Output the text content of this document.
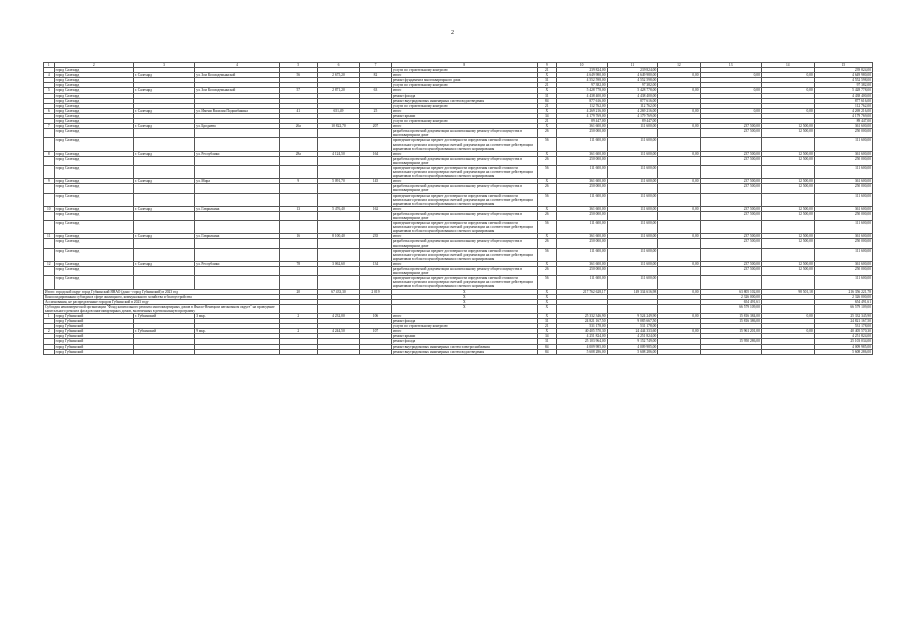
2
1	2	3	4	5	6	7	8	9	10	11	12	13	14	15
	город Салехард						услуги по строительному контролю	21	239 824,00	239 824,00				239 824,00
4	город Салехард	г. Салехард	ул. Зои Космодемьянской	56	2 675,20	82	итого	Х	4 649 980,00	4 649 980,00	0,00	0,00	0,00	4 649 980,00
	город Салехард						ремонт фундамента многоквартирного дома	31	4 552 598,00	4 552 598,00				4 552 598,00
	город Салехард						услуги по строительному контролю	21	97 382,00	97 382,00				97 382,00
5	город Салехард	г. Салехард	ул. Зои Космодемьянской	57	2 871,20	63	итого	Х	5 428 778,00	5 428 778,00	0,00	0,00	0,00	5 428 778,00
	город Салехард						ремонт фасада	31	4 438 400,00	4 438 400,00				4 438 400,00
	город Салехард						ремонт внутридомовых инженерных систем водоотведения	84	877 616,00	877 616,00				877 616,00
	город Салехард						услуги по строительному контролю	21	112 762,00	112 762,00				112 762,00
6	город Салехард	г. Салехард	ул. Имени Василия Подшибякина	41	651,49	25	итого	Х	4 269 216,00	4 269 216,00	0,00	0,00	0,00	4 269 216,00
	город Салехард						ремонт крыши	34	4 179 769,00	4 179 769,00				4 179 769,00
	город Салехард						услуги по строительному контролю	21	89 447,00	89 447,00				89 447,00
7	город Салехард	г. Салехард	ул. Броднева	26а	10 822,70	207	итого	Х	361 600,00	111 600,00	0,00	237 500,00	12 500,00	361 600,00
	город Салехард						разработка проектной документации на капитальному ремонту общего имущества в многоквартирном доме	26	250 000,00			237 500,00	12 500,00	250 000,00
	город Салехард						проведение проверки на предмет достоверности определения сметной стоимости капитального ремонта или проверки сметной документации на соответствие действующим нормативам в области ценообразования и сметного нормирования	56	111 600,00	111 600,00				111 600,00
8	город Салехард	г. Салехард	ул. Республики	28а	4 124,50	164	итого	Х	361 600,00	111 600,00	0,00	237 500,00	12 500,00	361 600,00
	город Салехард						разработка проектной документации на капитальному ремонту общего имущества в многоквартирном доме	26	250 000,00			237 500,00	12 500,00	250 000,00
	город Салехард						проведение проверки на предмет достоверности определения сметной стоимости капитального ремонта или проверки сметной документации на соответствие действующим нормативам в области ценообразования и сметного нормирования	56	111 600,00	111 600,00				111 600,00
9	город Салехард	г. Салехард	ул. Мира	9	5 091,70	145	итого	Х	361 600,00	111 600,00	0,00	237 500,00	12 500,00	361 600,00
	город Салехард						разработка проектной документации на капитальному ремонту общего имущества в многоквартирном доме	26	250 000,00			237 500,00	12 500,00	250 000,00
	город Салехард						проведение проверки на предмет достоверности определения сметной стоимости капитального ремонта или проверки сметной документации на соответствие действующим нормативам в области ценообразования и сметного нормирования	56	111 600,00	111 600,00				111 600,00
10	город Салехард	г. Салехард	ул. Гаврилкина	13	5 476,40	162	итого	Х	361 600,00	111 600,00	0,00	237 500,00	12 500,00	361 600,00
	город Салехард						разработка проектной документации на капитальному ремонту общего имущества в многоквартирном доме	26	250 000,00			237 500,00	12 500,00	250 000,00
	город Салехард						проведение проверки на предмет достоверности определения сметной стоимости капитального ремонта или проверки сметной документации на соответствие действующим нормативам в области ценообразования и сметного нормирования	56	111 600,00	111 600,00				111 600,00
11	город Салехард	г. Салехард	ул. Гаврилкина	16	8 100,40	235	итого	Х	361 600,00	111 600,00	0,00	237 500,00	12 500,00	361 600,00
	город Салехард						разработка проектной документации на капитальному ремонту общего имущества в многоквартирном доме	26	250 000,00			237 500,00	12 500,00	250 000,00
	город Салехард						проведение проверки на предмет достоверности определения сметной стоимости капитального ремонта или проверки сметной документации на соответствие действующим нормативам в области ценообразования и сметного нормирования	56	111 600,00	111 600,00				111 600,00
12	город Салехард	г. Салехард	ул. Республики	78	3 062,60	134	итого	Х	361 600,00	111 600,00	0,00	237 500,00	12 500,00	361 600,00
	город Салехард						разработка проектной документации на капитальному ремонту общего имущества в многоквартирном доме	26	250 000,00			237 500,00	12 500,00	250 000,00
	город Салехард						проведение проверки на предмет достоверности определения сметной стоимости капитального ремонта или проверки сметной документации на соответствие действующим нормативам в области ценообразования и сметного нормирования	56	111 600,00	111 600,00				111 600,00
Итого: городской округ город Губкинский ЯНАО (дано - город Губкинский) в 2023 год				20	67 433,30	2 019	Х	Х	217 762 628,17	149 334 616,98	0,00	63 805 102,00	98 501,18	216 356 221,78
Консолидированная субсидия в сфере жилищного, коммунального хозяйства и благоустройства							Х	Х				2 326 000,00		2 326 000,00
Ассигнования, не распределенные городом Губкинский в 2023 году							Х	Х				654 491,61		654 491,61
Субсидия некоммерческой организации "Фонд капитального ремонта многоквартирных домов в Ямало-Ненецком автономном округе" на проведение капитального ремонта фасадов многоквартирных домов, включенных в региональную программу							Х	Х				66 579 109,00		66 579 109,00
1	город Губкинский	г. Губкинский	3 мкр.	2	4 232,00	106	итого	Х	25 332 346,90	9 524 249,90	0,00	15 816 384,00	0,00	25 332 345,90
	город Губкинский						ремонт фасада	31	24 821 167,50	9 085 667,50		15 816 386,00		24 821 167,50
	город Губкинский						услуги по строительному контролю	21	531 178,00	531 178,00				531 178,00
2	город Губкинский	г. Губкинский	9 мкр.	2	4 244,50	107	итого	Х	40 405 570,30	24 444 333,60	0,00	15 961 201,00	0,00	40 405 570,30
	город Губкинский						ремонт крыши	34	4 251 824,00	4 251 824,00				4 251 824,00
	город Губкинский						ремонт фасада	31	25 103 964,00	9 152 749,00		15 950 286,00		25 103 034,00
	город Губкинский						ремонт внутридомовых инженерных систем электроснабжения	84	4 009 985,00	4 009 985,00				4 009 985,00
	город Губкинский						ремонт внутридомовых инженерных систем водоотведения	84	5 608 286,00	5 608 286,00				5 608 286,00
